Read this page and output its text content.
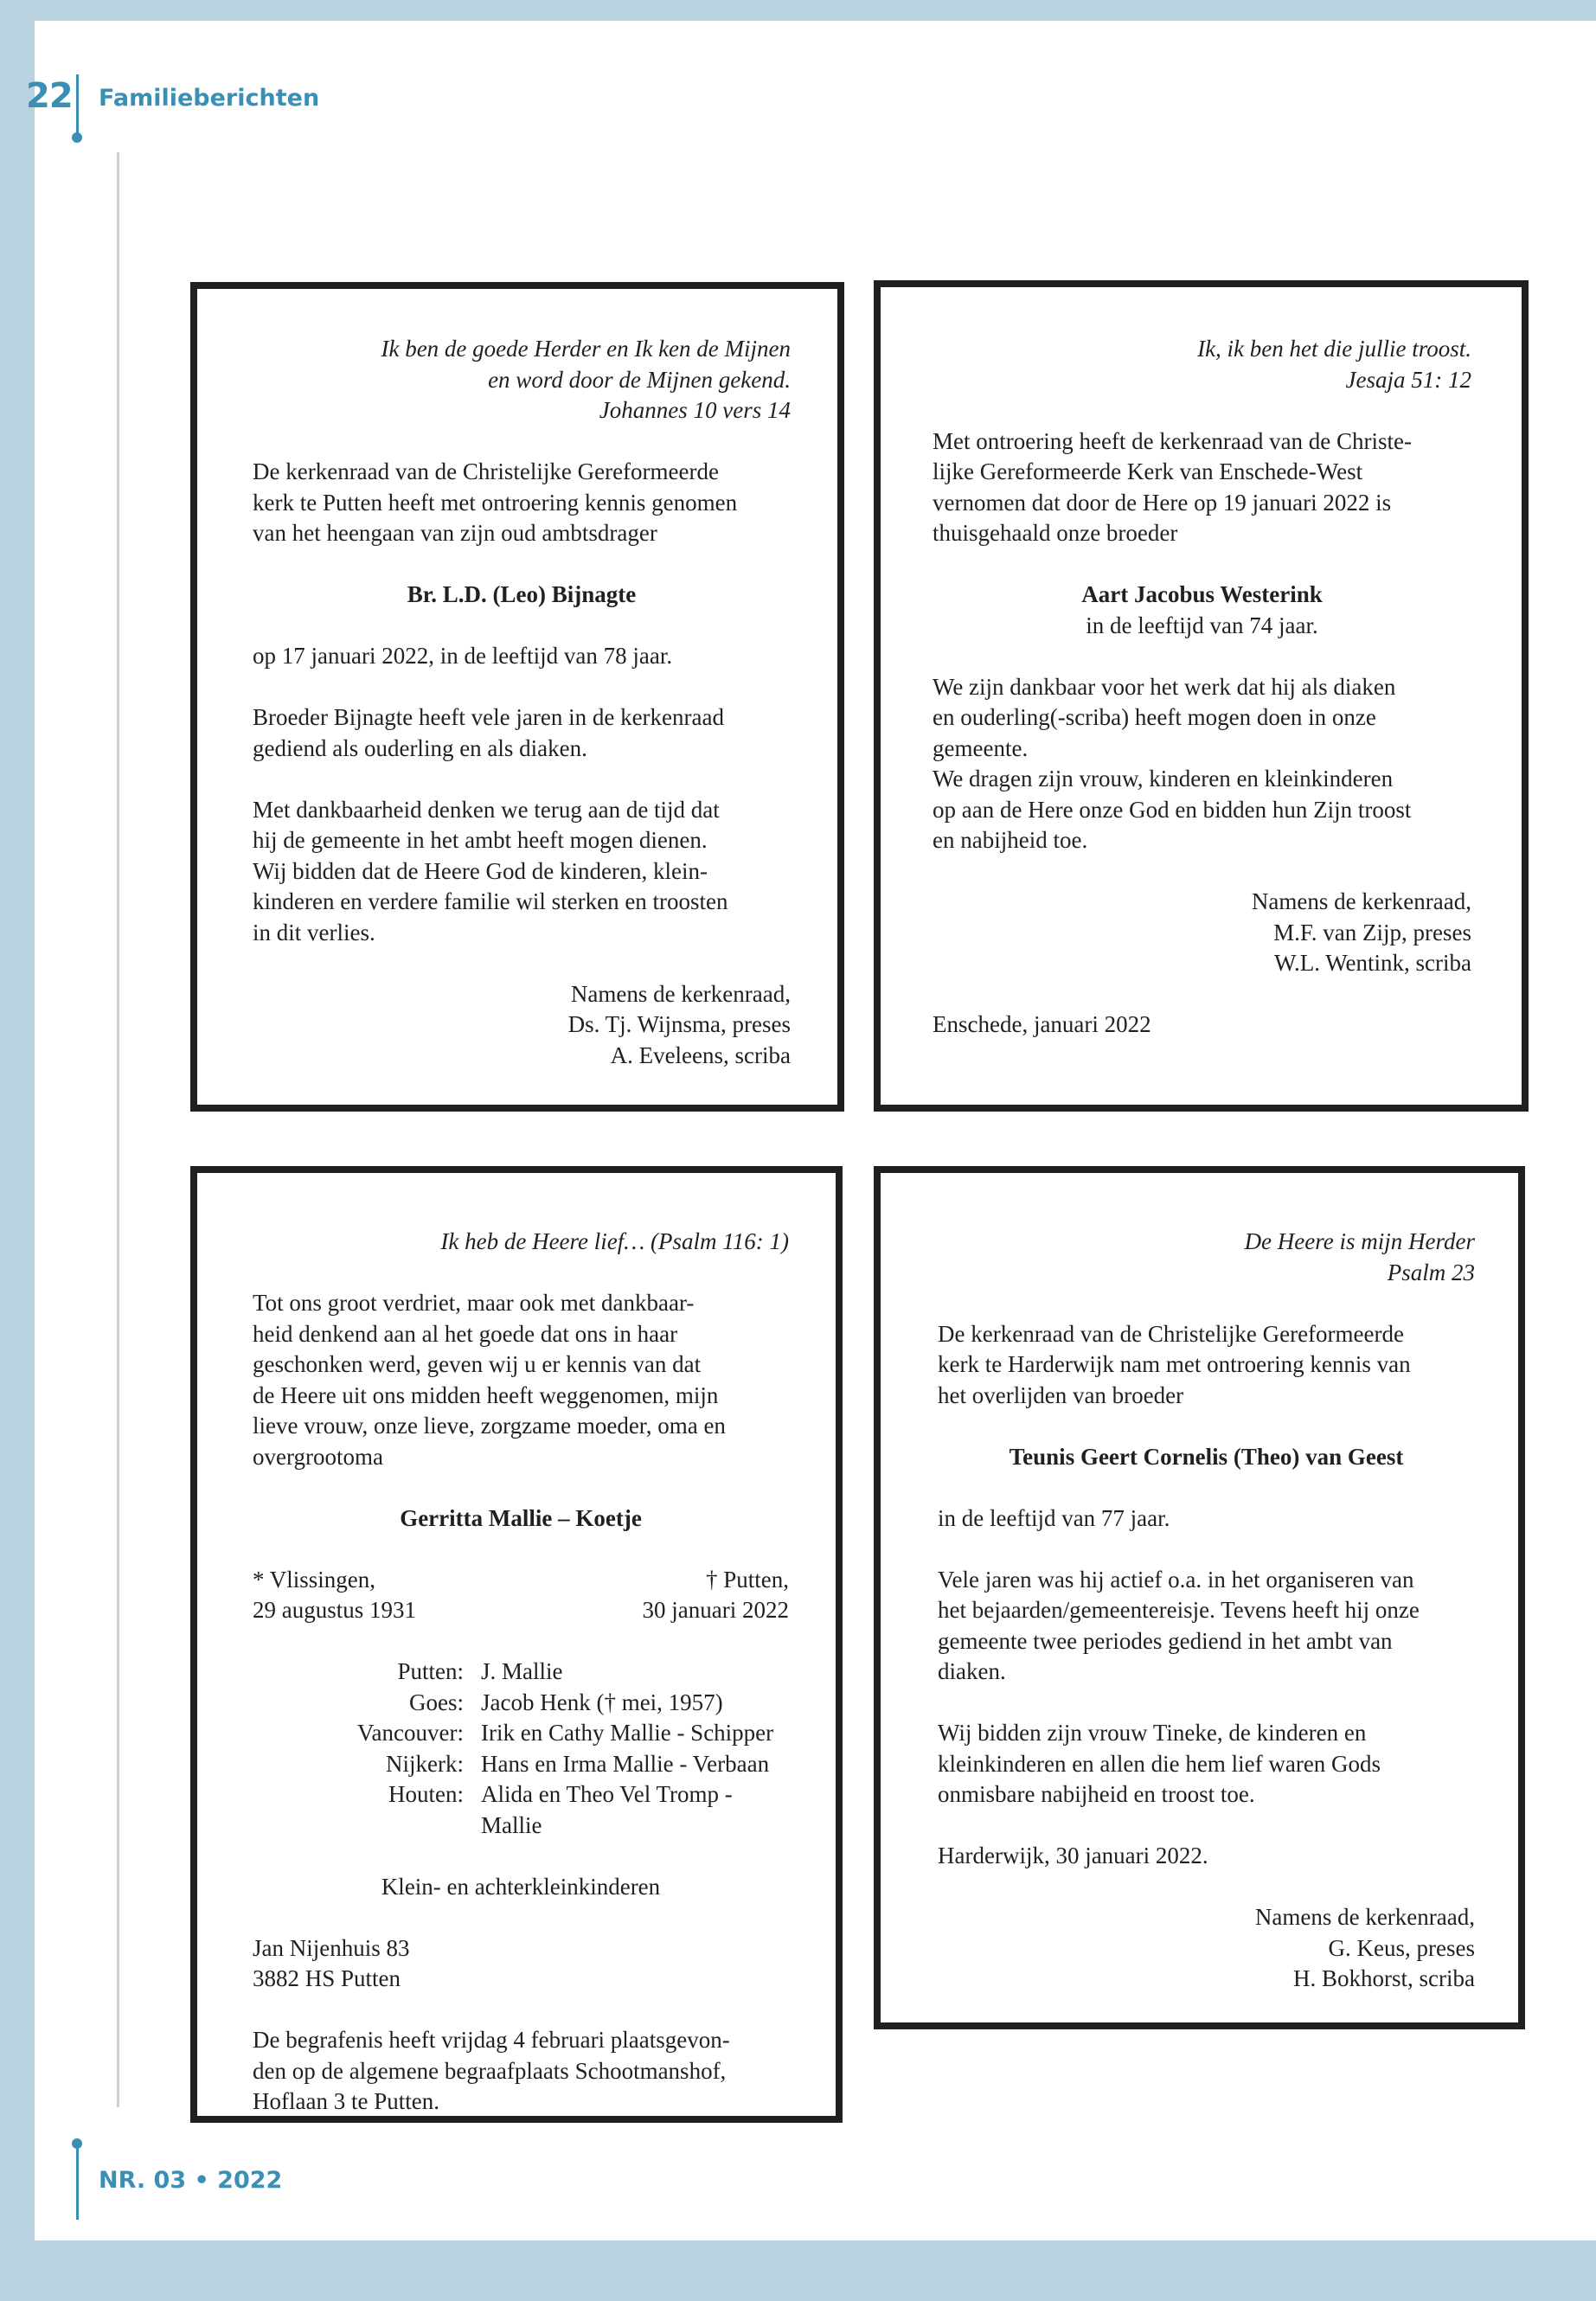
22 Familieberichten

Ik ben de goede Herder en Ik ken de Mijnen

en word door de Mijnen gekend.

Johannes 10 vers 14

De kerkenraad van de Christelijke Gereformeerde

kerk te Putten heeft met ontroering kennis genomen

van het heengaan van zijn oud ambtsdrager

Br. L.D. (Leo) Bijnagte

op 17 januari 2022, in de leeftijd van 78 jaar.

Broeder Bijnagte heeft vele jaren in de kerkenraad

gediend als ouderling en als diaken.

Met dankbaarheid denken we terug aan de tijd dat

hij de gemeente in het ambt heeft mogen dienen.

Wij bidden dat de Heere God de kinderen, klein-

kinderen en verdere familie wil sterken en troosten

in dit verlies.

Namens de kerkenraad,

Ds. Tj. Wijnsma, preses

A. Eveleens, scriba

Ik, ik ben het die jullie troost.

Jesaja 51: 12

Met ontroering heeft de kerkenraad van de Christe-

lijke Gereformeerde Kerk van Enschede-West

vernomen dat door de Here op 19 januari 2022 is

thuisgehaald onze broeder

Aart Jacobus Westerink

in de leeftijd van 74 jaar.

We zijn dankbaar voor het werk dat hij als diaken

en ouderling(-scriba) heeft mogen doen in onze

gemeente.

We dragen zijn vrouw, kinderen en kleinkinderen

op aan de Here onze God en bidden hun Zijn troost

en nabijheid toe.

Namens de kerkenraad,

M.F. van Zijp, preses

W.L. Wentink, scriba

Enschede, januari 2022

Ik heb de Heere lief… (Psalm 116: 1)

Tot ons groot verdriet, maar ook met dankbaar-

heid denkend aan al het goede dat ons in haar

geschonken werd, geven wij u er kennis van dat

de Heere uit ons midden heeft weggenomen, mijn

lieve vrouw, onze lieve, zorgzame moeder, oma en

overgrootoma

Gerritta Mallie – Koetje

* Vlissingen,	† Putten,
29 augustus 1931	30 januari 2022
Putten: J. Mallie
Goes: Jacob Henk († mei, 1957)
Vancouver: Irik en Cathy Mallie - Schipper
Nijkerk: Hans en Irma Mallie - Verbaan
Houten: Alida en Theo Vel Tromp - Mallie

Klein- en achterkleinkinderen

Jan Nijenhuis 83

3882 HS Putten

De begrafenis heeft vrijdag 4 februari plaatsgevon-

den op de algemene begraafplaats Schootmanshof,

Hoflaan 3 te Putten.

De Heere is mijn Herder

Psalm 23

De kerkenraad van de Christelijke Gereformeerde

kerk te Harderwijk nam met ontroering kennis van

het overlijden van broeder

Teunis Geert Cornelis (Theo) van Geest

in de leeftijd van 77 jaar.

Vele jaren was hij actief o.a. in het organiseren van

het bejaarden/gemeentereisje. Tevens heeft hij onze

gemeente twee periodes gediend in het ambt van

diaken.

Wij bidden zijn vrouw Tineke, de kinderen en

kleinkinderen en allen die hem lief waren Gods

onmisbare nabijheid en troost toe.

Harderwijk, 30 januari 2022.

Namens de kerkenraad,

G. Keus, preses

H. Bokhorst, scriba

NR. 03 • 2022
